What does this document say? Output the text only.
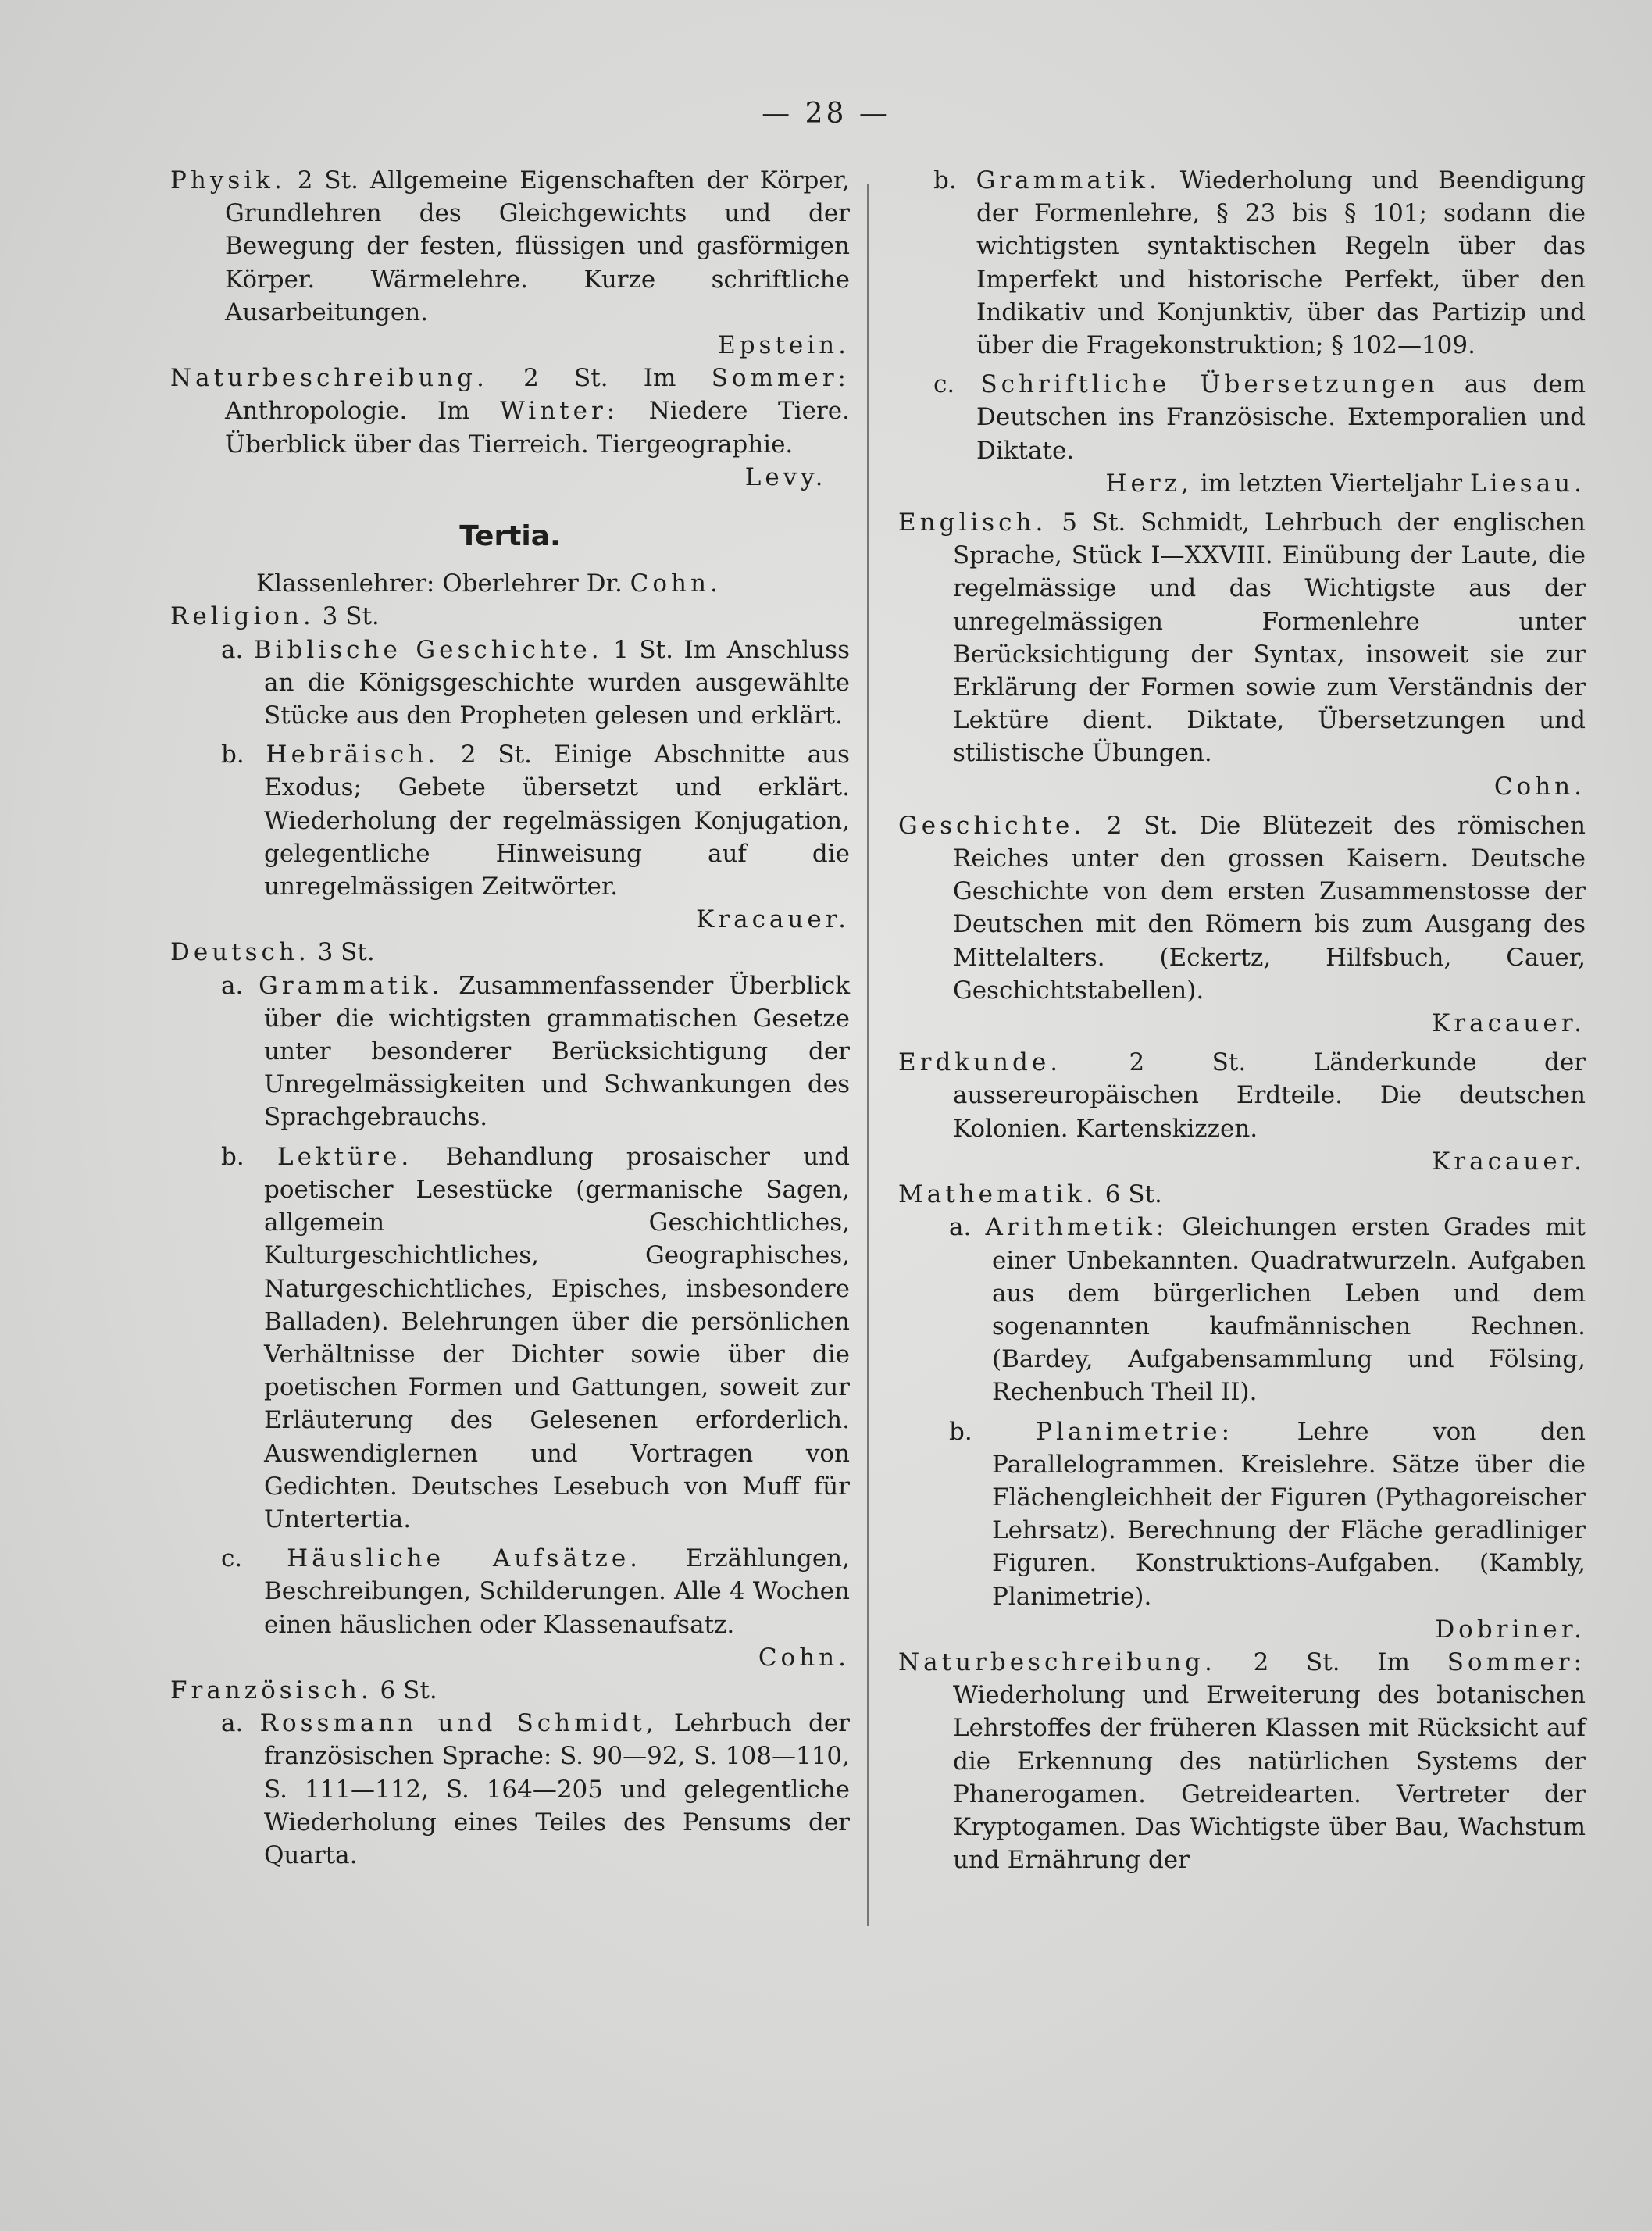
— 28 —

Physik. 2 St. Allgemeine Eigenschaften der Körper, Grundlehren des Gleichgewichts und der Bewegung der festen, flüssigen und gasförmigen Körper. Wärmelehre. Kurze schriftliche Ausarbeitungen.

Epstein.

Naturbeschreibung. 2 St. Im Sommer: Anthropologie. Im Winter: Niedere Tiere. Überblick über das Tierreich. Tiergeographie.

Levy.

Tertia.

Klassenlehrer: Oberlehrer Dr. Cohn.

Religion. 3 St.

a. Biblische Geschichte. 1 St. Im Anschluss an die Königsgeschichte wurden ausgewählte Stücke aus den Propheten gelesen und erklärt.

b. Hebräisch. 2 St. Einige Abschnitte aus Exodus; Gebete übersetzt und erklärt. Wiederholung der regelmässigen Konjugation, gelegentliche Hinweisung auf die unregelmässigen Zeitwörter.

Kracauer.

Deutsch. 3 St.

a. Grammatik. Zusammenfassender Überblick über die wichtigsten grammatischen Gesetze unter besonderer Berücksichtigung der Unregelmässigkeiten und Schwankungen des Sprachgebrauchs.

b. Lektüre. Behandlung prosaischer und poetischer Lesestücke (germanische Sagen, allgemein Geschichtliches, Kulturgeschichtliches, Geographisches, Naturgeschichtliches, Episches, insbesondere Balladen). Belehrungen über die persönlichen Verhältnisse der Dichter sowie über die poetischen Formen und Gattungen, soweit zur Erläuterung des Gelesenen erforderlich. Auswendiglernen und Vortragen von Gedichten. Deutsches Lesebuch von Muff für Untertertia.

c. Häusliche Aufsätze. Erzählungen, Beschreibungen, Schilderungen. Alle 4 Wochen einen häuslichen oder Klassenaufsatz.

Cohn.

Französisch. 6 St.

a. Rossmann und Schmidt, Lehrbuch der französischen Sprache: S. 90—92, S. 108—110, S. 111—112, S. 164—205 und gelegentliche Wiederholung eines Teiles des Pensums der Quarta.

b. Grammatik. Wiederholung und Beendigung der Formenlehre, § 23 bis § 101; sodann die wichtigsten syntaktischen Regeln über das Imperfekt und historische Perfekt, über den Indikativ und Konjunktiv, über das Partizip und über die Fragekonstruktion; § 102—109.

c. Schriftliche Übersetzungen aus dem Deutschen ins Französische. Extemporalien und Diktate.

Herz, im letzten Vierteljahr Liesau.

Englisch. 5 St. Schmidt, Lehrbuch der englischen Sprache, Stück I—XXVIII. Einübung der Laute, die regelmässige und das Wichtigste aus der unregelmässigen Formenlehre unter Berücksichtigung der Syntax, insoweit sie zur Erklärung der Formen sowie zum Verständnis der Lektüre dient. Diktate, Übersetzungen und stilistische Übungen.

Cohn.

Geschichte. 2 St. Die Blütezeit des römischen Reiches unter den grossen Kaisern. Deutsche Geschichte von dem ersten Zusammenstosse der Deutschen mit den Römern bis zum Ausgang des Mittelalters. (Eckertz, Hilfsbuch, Cauer, Geschichtstabellen).

Kracauer.

Erdkunde.	2 St. Länderkunde der aussereuropäischen Erdteile. Die deutschen Kolonien. Kartenskizzen.

Kracauer.

Mathematik. 6 St.

a. Arithmetik: Gleichungen ersten Grades mit einer Unbekannten. Quadratwurzeln. Aufgaben aus dem bürgerlichen Leben und dem sogenannten kaufmännischen Rechnen. (Bardey, Aufgabensammlung und Fölsing, Rechenbuch Theil II).

b.	Planimetrie:	Lehre von den Parallelogrammen. Kreislehre. Sätze über die Flächengleichheit der Figuren (Pythagoreischer Lehrsatz). Berechnung der Fläche geradliniger Figuren. Konstruktions-Aufgaben. (Kambly, Planimetrie).

Dobriner.

Naturbeschreibung. 2 St. Im Sommer: Wiederholung und Erweiterung des botanischen Lehrstoffes der früheren Klassen mit Rücksicht auf die Erkennung des natürlichen Systems der Phanerogamen. Getreidearten. Vertreter der Kryptogamen. Das Wichtigste über Bau, Wachstum und Ernährung der
